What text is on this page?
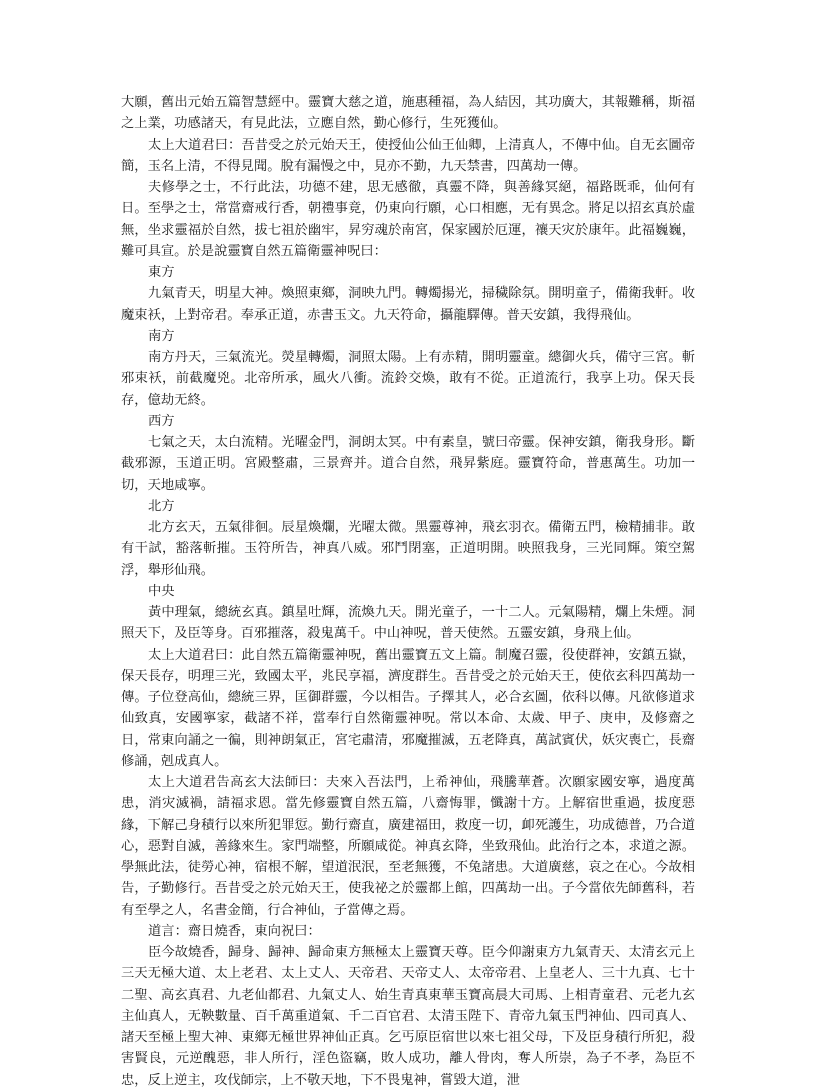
大願，舊出元始五篇智慧經中。靈寶大慈之道，施惠種福，為人結因，其功廣大，其報難稱，斯福之上業，功感諸天，有見此法，立應自然，勤心修行，生死獲仙。

太上大道君曰：吾昔受之於元始天王，使授仙公仙王仙卿，上清真人，不傳中仙。自无玄圖帝簡，玉名上清，不得見聞。脫有漏慢之中，見亦不勤，九天禁書，四萬劫一傳。

夫修學之士，不行此法，功德不建，思无感徹，真靈不降，與善緣冥絕，福路既乖，仙何有日。至學之士，常當齋戒行香，朝禮事竟，仍東向行願，心口相應，无有異念。將足以招玄真於虛無，坐求靈福於自然，拔七祖於幽牢，昇穷魂於南宮，保家國於厄運，禳天灾於康年。此福巍巍，難可具宣。於是說靈寶自然五篇衛靈神呪曰：

東方

九氣青天，明星大神。煥照東鄉，洞映九門。轉燭揚光，掃穢除氛。開明童子，備衛我軒。收魔束袄，上對帝君。奉承正道，赤書玉文。九天符命，攝龍驛傳。普天安鎮，我得飛仙。

南方

南方丹天，三氣流光。熒星轉燭，洞照太陽。上有赤精，開明靈童。總御火兵，備守三宮。斬邪束袄，前截魔兇。北帝所承，風火八衝。流鈴交煥，敢有不從。正道流行，我享上功。保天長存，億劫无終。

西方

七氣之天，太白流精。光曜金門，洞朗太冥。中有素皇，號曰帝靈。保神安鎮，衛我身形。斷截邪源，玉道正明。宮殿整肅，三景齊并。道合自然，飛昇紫庭。靈寶符命，普惠萬生。功加一切，天地咸寧。

北方

北方玄天，五氣徘徊。辰星煥爛，光曜太微。黑靈尊神，飛玄羽衣。備衛五門，檢精捕非。敢有干試，豁落斬摧。玉符所告，神真八威。邪鬥閉塞，正道明開。映照我身，三光同輝。策空駕浮，舉形仙飛。

中央

黃中理氣，總統玄真。鎮星吐輝，流煥九天。開光童子，一十二人。元氣陽精，爛上朱煙。洞照天下，及臣等身。百邪摧落，殺鬼萬千。中山神呪，普天使然。五靈安鎮，身飛上仙。

太上大道君曰：此自然五篇衛靈神呪，舊出靈寶五文上篇。制魔召靈，役使群神，安鎮五嶽，保天長存，明理三光，致國太平，兆民享福，濟度群生。吾昔受之於元始天王，使依玄科四萬劫一傳。子位登高仙，總統三界，匡御群靈，今以相告。子擇其人，必合玄圖，依科以傳。凡欲修道求仙致真，安國寧家，截諸不祥，當奉行自然衛靈神呪。常以本命、太歲、甲子、庚申，及修齋之日，常東向誦之一徧，則神朗氣正，宮宅肅清，邪魔摧滅，五老降真，萬試賓伏，妖灾喪亡，長齋修誦，剋成真人。

太上大道君告高玄大法師曰：夫來入吾法門，上希神仙，飛騰華蒼。次願家國安寧，過度萬患，消灾滅禍，請福求恩。當先修靈寶自然五篇，八齋悔罪，懺謝十方。上解宿世重過，拔度惡緣，下解己身積行以來所犯罪愆。勤行齋直，廣建福田，救度一切，卹死護生，功成德普，乃合道心，惡對自滅，善緣來生。家門端整，所願咸從。神真玄降，坐致飛仙。此治行之本，求道之源。學無此法，徒勞心神，宿根不解，望道泯泯，至老無獲，不兔諸患。大道廣慈，哀之在心。今故相告，子勤修行。吾昔受之於元始天王，使我祕之於靈都上館，四萬劫一出。子今當依先師舊科，若有至學之人，名書金簡，行合神仙，子當傳之焉。

道言：齋日燒香，東向祝曰：

臣今故燒香，歸身、歸神、歸命東方無極太上靈寶天尊。臣今仰謝東方九氣青天、太清玄元上三天无極大道、太上老君、太上丈人、天帝君、天帝丈人、太帝帝君、上皇老人、三十九真、七十二聖、高玄真君、九老仙都君、九氣丈人、始生青真東華玉寶高晨大司馬、上相青童君、元老九玄主仙真人，无鞅數量、百千萬重道氣、千二百官君、太清玉陛下、青帝九氣玉門神仙、四司真人、諸天至極上聖大神、東鄉无極世界神仙正真。乞丐原臣宿世以來七祖父母，下及臣身積行所犯，殺害賢良，元逆醜惡，非人所行，淫色盜竊，敗人成功，離人骨肉，奪人所崇，為子不孝，為臣不忠，反上逆主，攻伐師宗，上不敬天地，下不畏鬼神，嘗毀大道，泄
